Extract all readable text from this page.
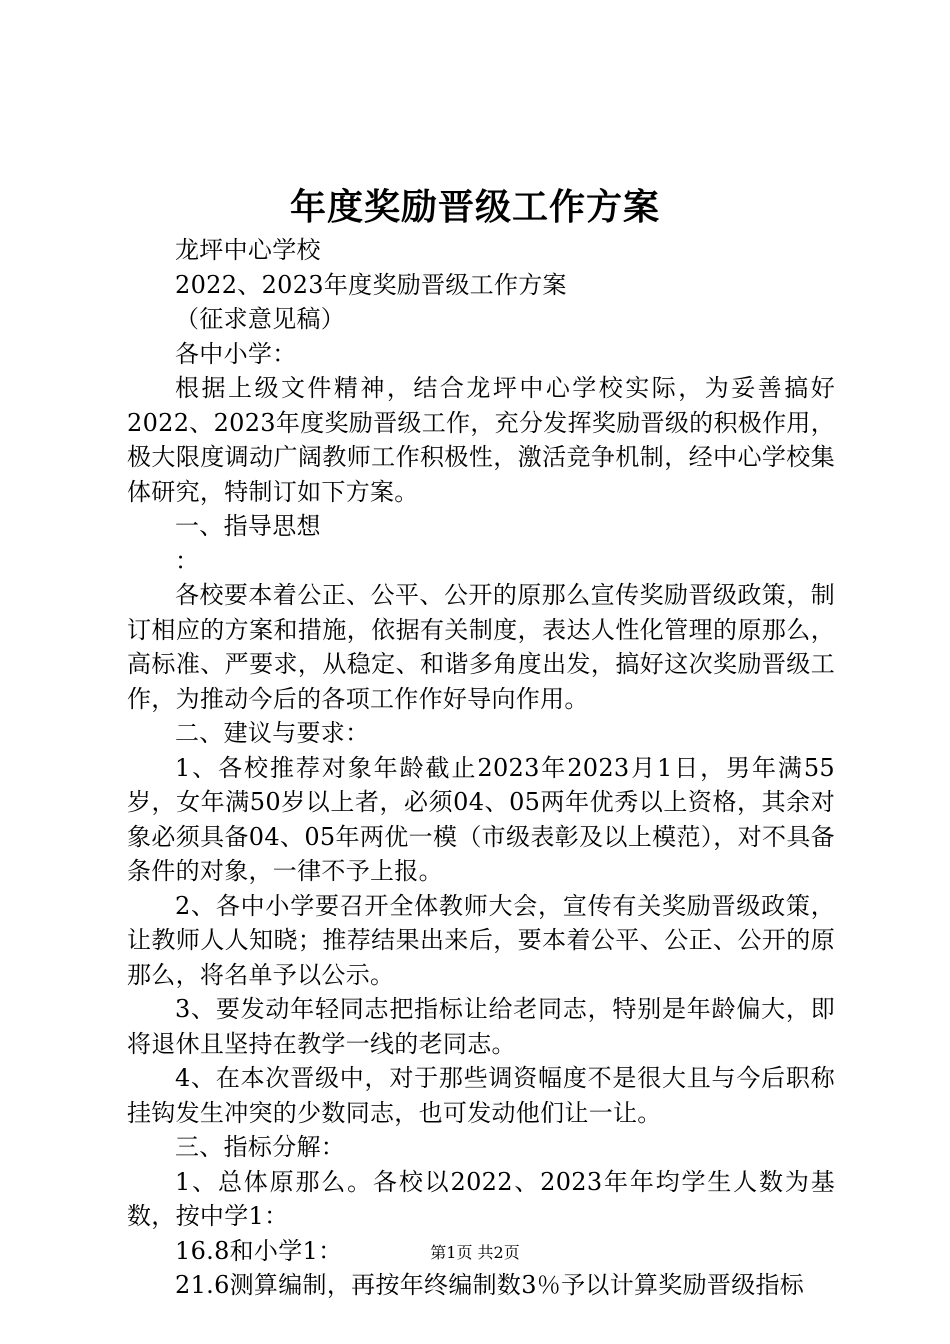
年度奖励晋级工作方案

龙坪中心学校

2022、2023年度奖励晋级工作方案

（征求意见稿）

各中小学：

根据上级文件精神，结合龙坪中心学校实际，为妥善搞好2022、2023年度奖励晋级工作，充分发挥奖励晋级的积极作用，极大限度调动广阔教师工作积极性，激活竞争机制，经中心学校集体研究，特制订如下方案。

一、指导思想

：

各校要本着公正、公平、公开的原那么宣传奖励晋级政策，制订相应的方案和措施，依据有关制度，表达人性化管理的原那么，高标准、严要求，从稳定、和谐多角度出发，搞好这次奖励晋级工作，为推动今后的各项工作作好导向作用。

二、建议与要求：

1、各校推荐对象年龄截止2023年2023月1日，男年满55岁，女年满50岁以上者，必须04、05两年优秀以上资格，其余对象必须具备04、05年两优一模（市级表彰及以上模范），对不具备条件的对象，一律不予上报。

2、各中小学要召开全体教师大会，宣传有关奖励晋级政策，让教师人人知晓；推荐结果出来后，要本着公平、公正、公开的原那么，将名单予以公示。

3、要发动年轻同志把指标让给老同志，特别是年龄偏大，即将退休且坚持在教学一线的老同志。

4、在本次晋级中，对于那些调资幅度不是很大且与今后职称挂钩发生冲突的少数同志，也可发动他们让一让。

三、指标分解：

1、总体原那么。各校以2022、2023年年均学生人数为基数，按中学1：

16.8和小学1：

21.6测算编制，再按年终编制数3％予以计算奖励晋级指标

第1页 共2页
